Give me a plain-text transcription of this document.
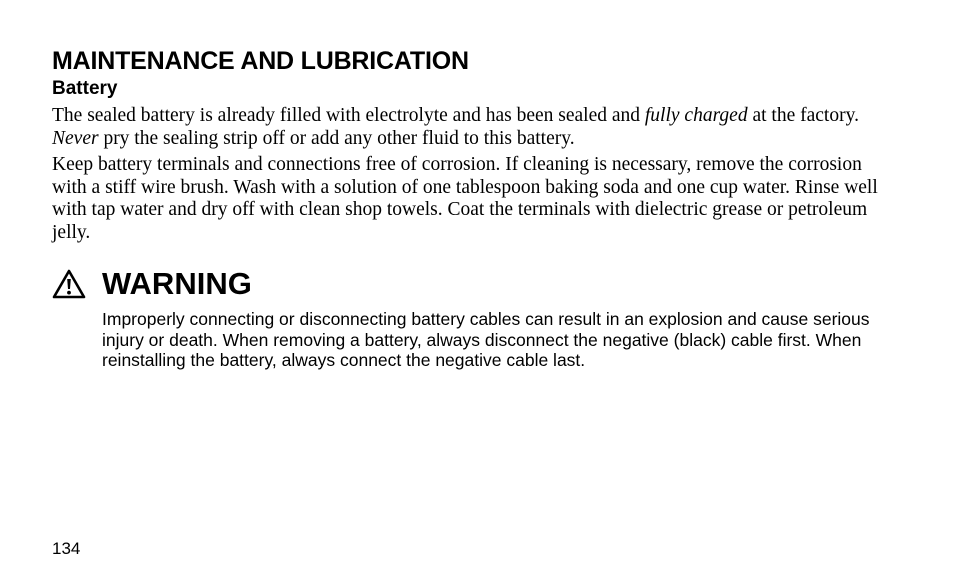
MAINTENANCE AND LUBRICATION
Battery

The sealed battery is already filled with electrolyte and has been sealed and fully charged at the factory. Never pry the sealing strip off or add any other fluid to this battery.

Keep battery terminals and connections free of corrosion. If cleaning is necessary, remove the corrosion with a stiff wire brush. Wash with a solution of one tablespoon baking soda and one cup water. Rinse well with tap water and dry off with clean shop towels. Coat the terminals with dielectric grease or petroleum jelly.

WARNING

Improperly connecting or disconnecting battery cables can result in an explosion and cause serious injury or death. When removing a battery, always disconnect the negative (black) cable first. When reinstalling the battery, always connect the negative cable last.

134
